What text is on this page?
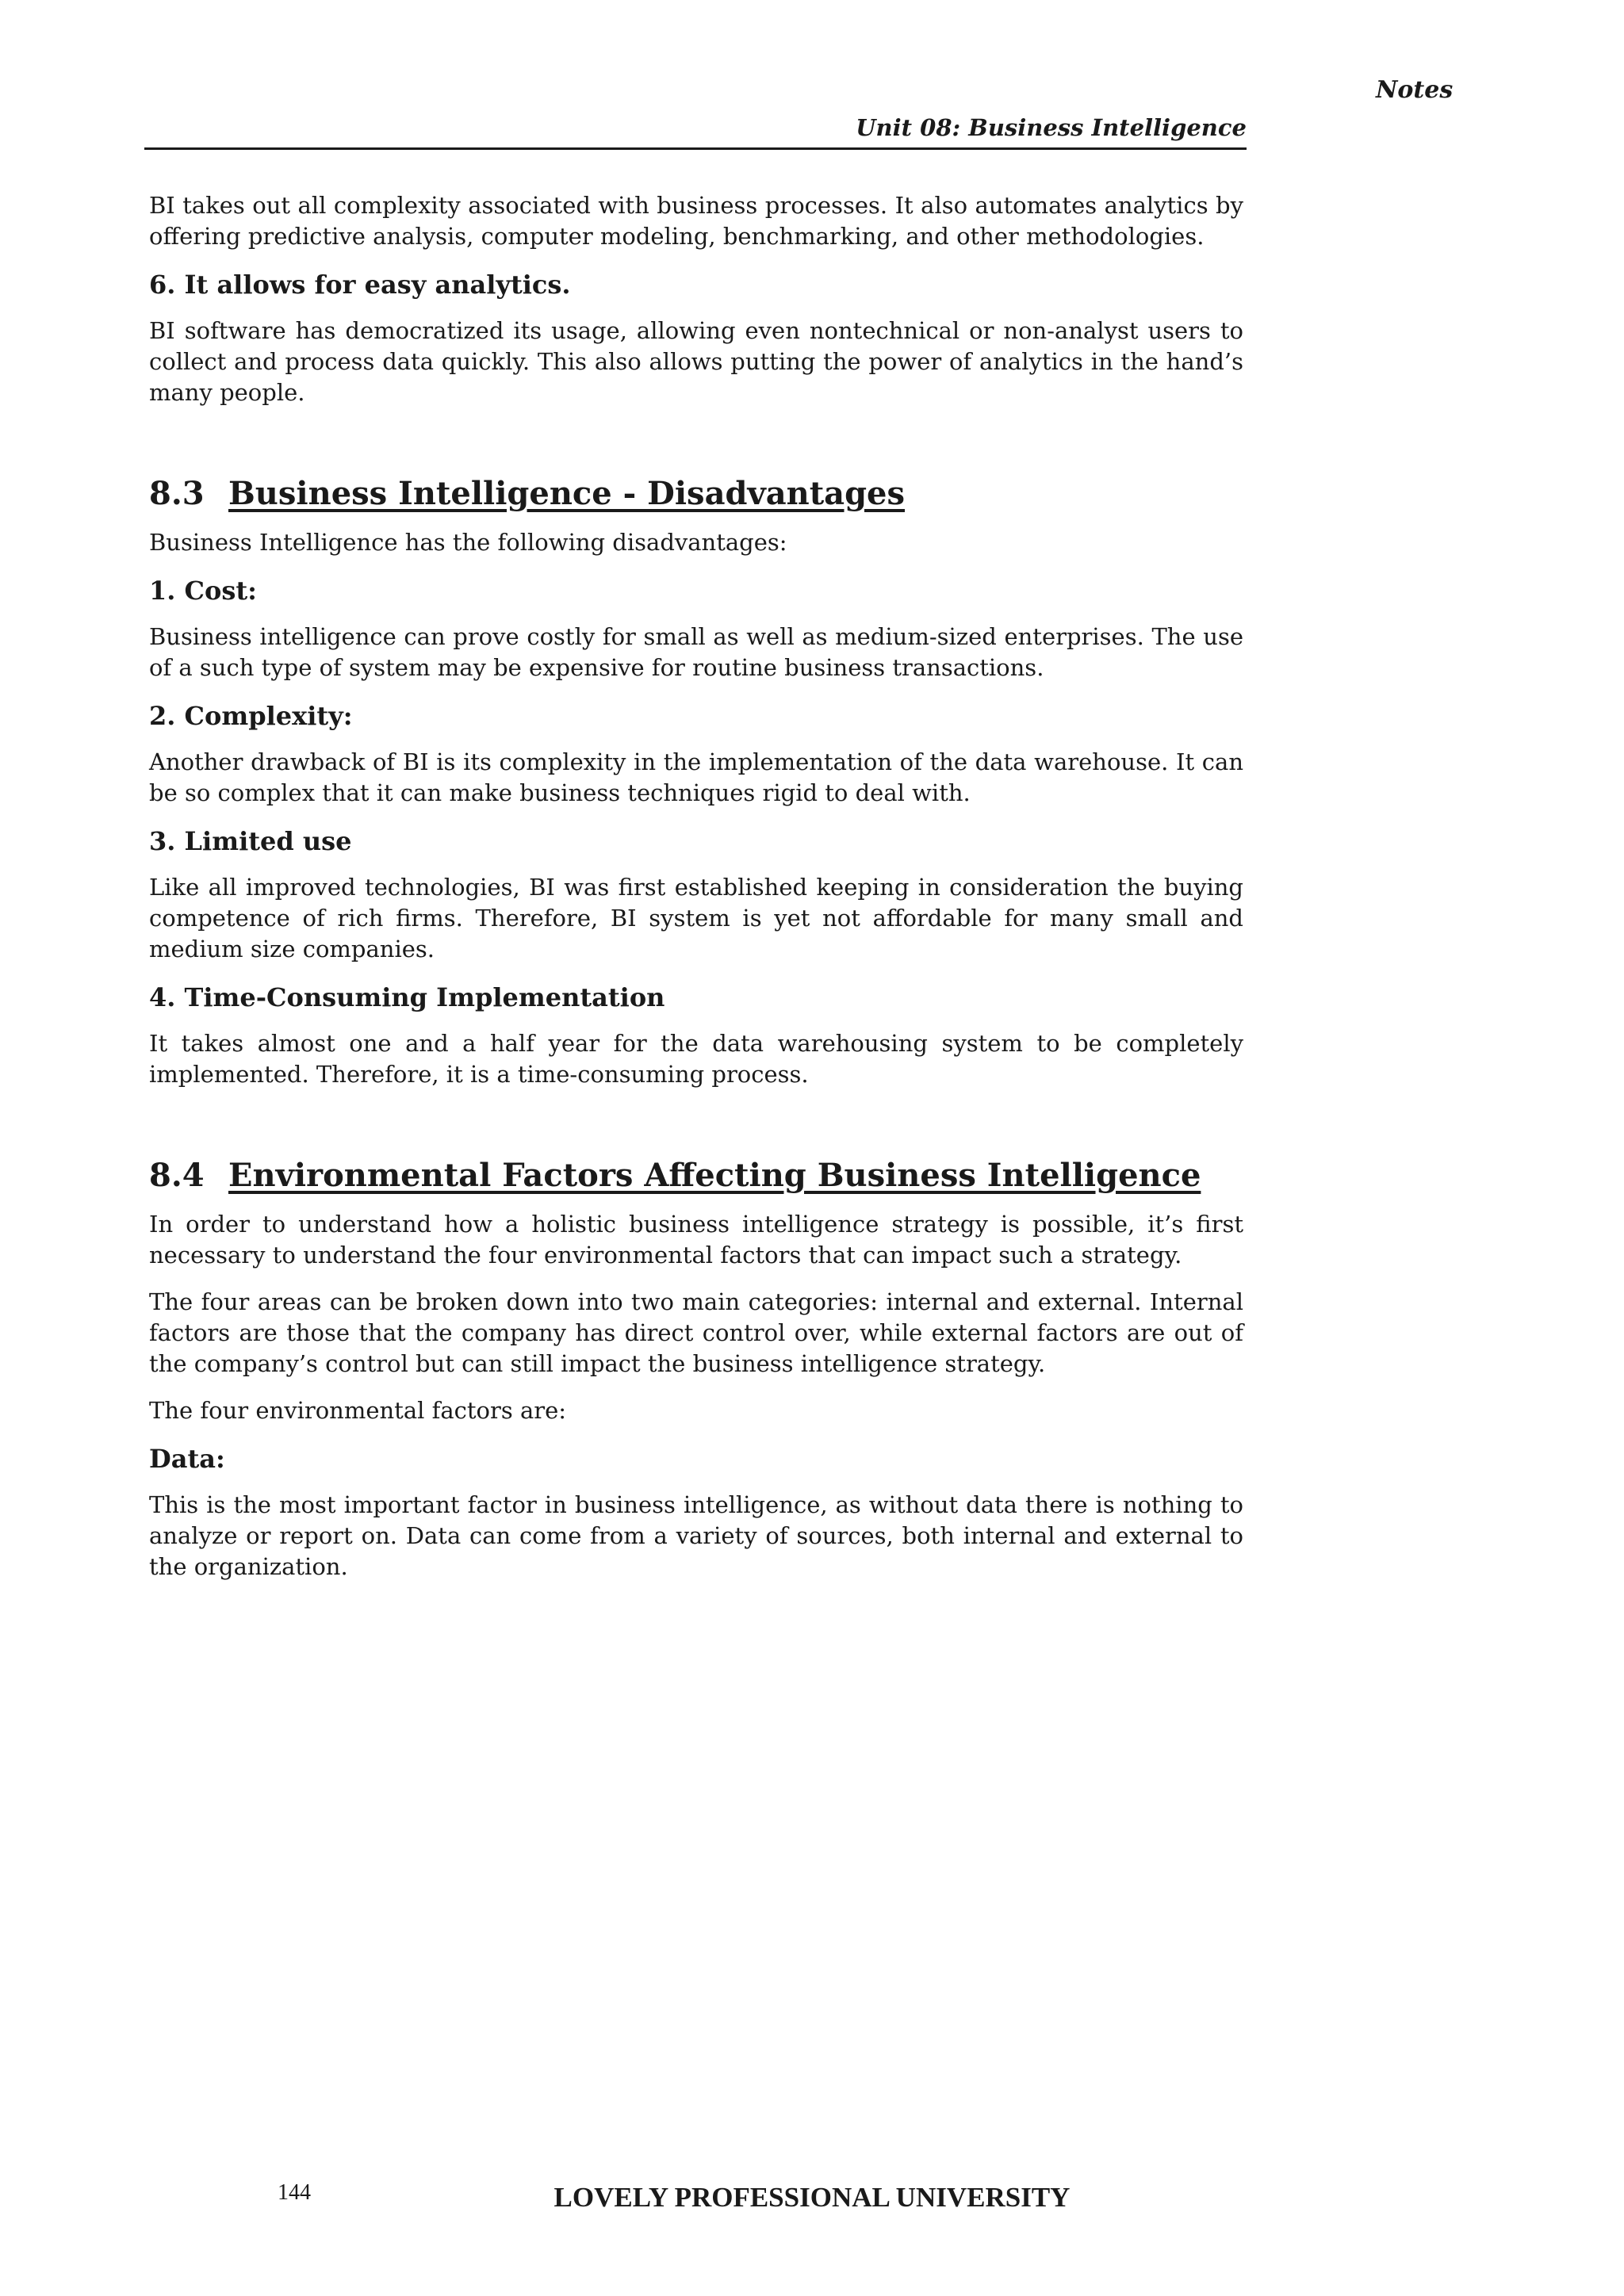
Notes
Unit 08: Business Intelligence

BI takes out all complexity associated with business processes. It also automates analytics by offering predictive analysis, computer modeling, benchmarking, and other methodologies.

6. It allows for easy analytics.

BI software has democratized its usage, allowing even nontechnical or non-analyst users to collect and process data quickly. This also allows putting the power of analytics in the hand’s many people.

8.3 Business Intelligence - Disadvantages

Business Intelligence has the following disadvantages:

1. Cost:

Business intelligence can prove costly for small as well as medium-sized enterprises. The use of a such type of system may be expensive for routine business transactions.

2. Complexity:

Another drawback of BI is its complexity in the implementation of the data warehouse. It can be so complex that it can make business techniques rigid to deal with.

3. Limited use

Like all improved technologies, BI was first established keeping in consideration the buying competence of rich firms. Therefore, BI system is yet not affordable for many small and medium size companies.

4. Time-Consuming Implementation

It takes almost one and a half year for the data warehousing system to be completely implemented. Therefore, it is a time-consuming process.

8.4 Environmental Factors Affecting Business Intelligence

In order to understand how a holistic business intelligence strategy is possible, it’s first necessary to understand the four environmental factors that can impact such a strategy.

The four areas can be broken down into two main categories: internal and external. Internal factors are those that the company has direct control over, while external factors are out of the company’s control but can still impact the business intelligence strategy.

The four environmental factors are:

Data:

This is the most important factor in business intelligence, as without data there is nothing to analyze or report on. Data can come from a variety of sources, both internal and external to the organization.

144	LOVELY PROFESSIONAL UNIVERSITY
